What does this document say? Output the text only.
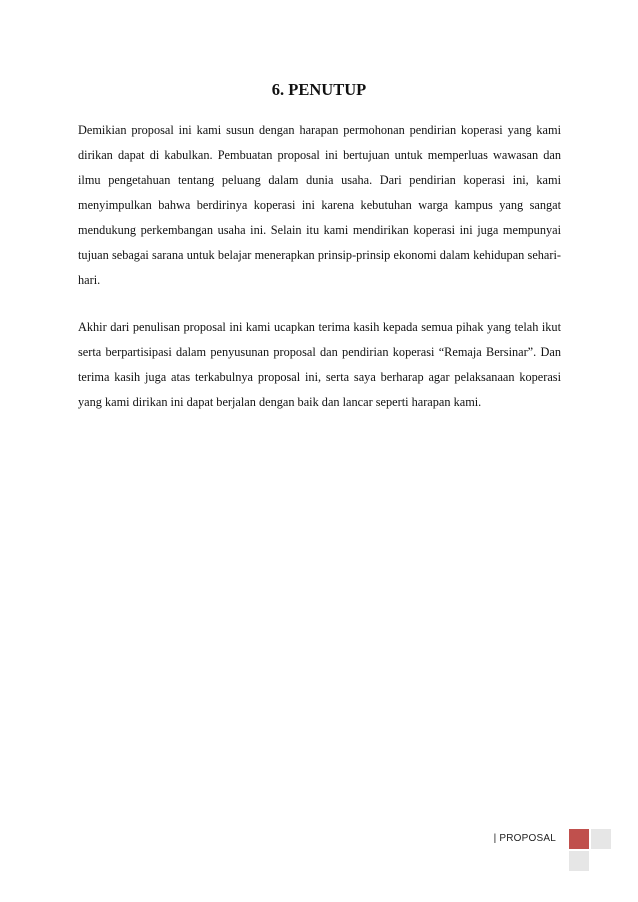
6. PENUTUP

Demikian proposal ini kami susun dengan harapan permohonan pendirian koperasi yang kami dirikan dapat di kabulkan. Pembuatan proposal ini bertujuan untuk memperluas wawasan dan ilmu pengetahuan tentang peluang dalam dunia usaha. Dari pendirian koperasi ini, kami menyimpulkan bahwa berdirinya koperasi ini karena kebutuhan warga kampus yang sangat mendukung perkembangan usaha ini. Selain itu kami mendirikan koperasi ini juga mempunyai tujuan sebagai sarana untuk belajar menerapkan prinsip-prinsip ekonomi dalam kehidupan sehari-hari.

Akhir dari penulisan proposal ini kami ucapkan terima kasih kepada semua pihak yang telah ikut serta berpartisipasi dalam penyusunan proposal dan pendirian koperasi “Remaja Bersinar”. Dan terima kasih juga atas terkabulnya proposal ini, serta saya berharap agar pelaksanaan koperasi yang kami dirikan ini dapat berjalan dengan baik dan lancar seperti harapan kami.

| PROPOSAL
